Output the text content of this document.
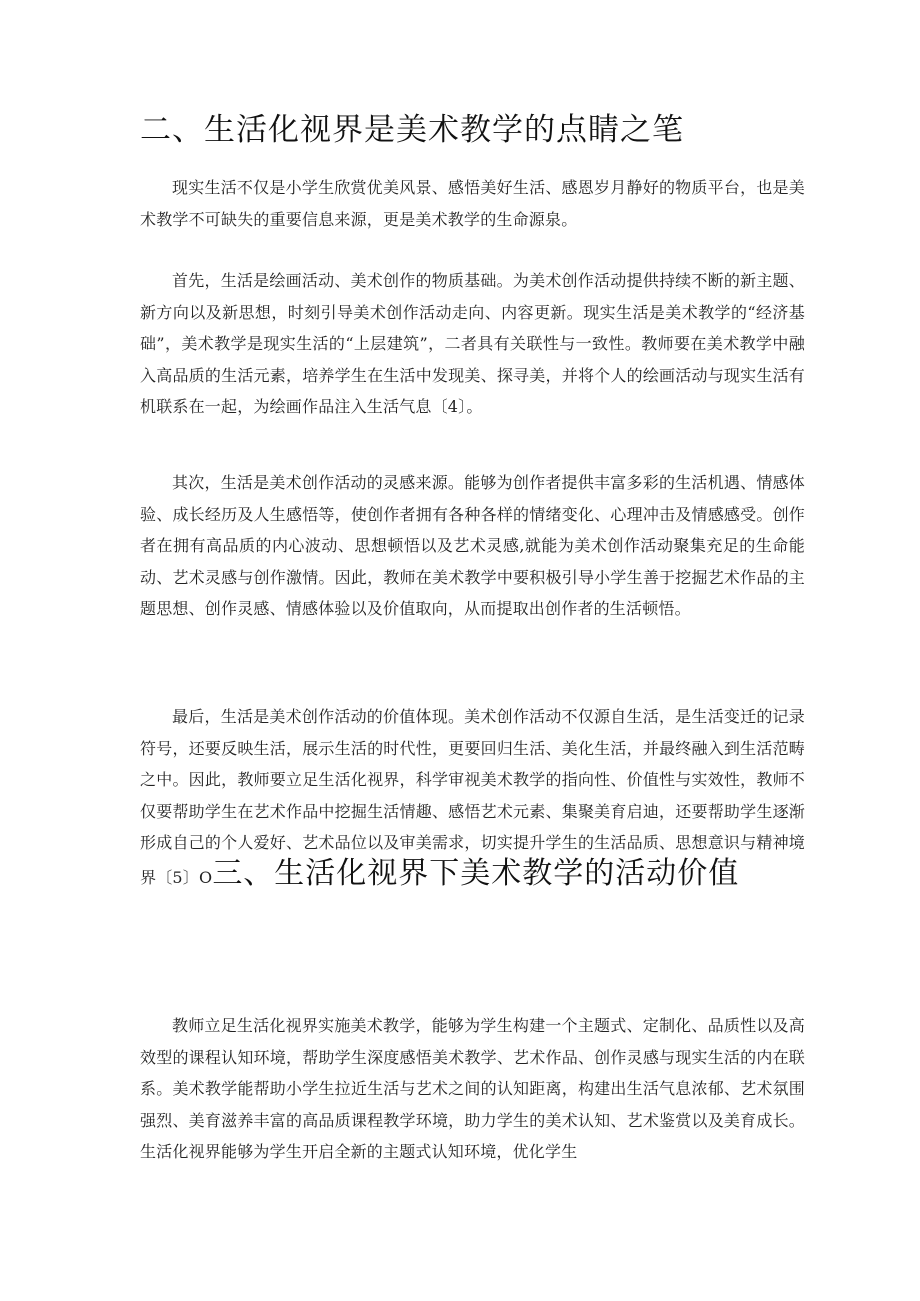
二、生活化视界是美术教学的点睛之笔

现实生活不仅是小学生欣赏优美风景、感悟美好生活、感恩岁月静好的物质平台，也是美术教学不可缺失的重要信息来源，更是美术教学的生命源泉。

首先，生活是绘画活动、美术创作的物质基础。为美术创作活动提供持续不断的新主题、新方向以及新思想，时刻引导美术创作活动走向、内容更新。现实生活是美术教学的“经济基础”，美术教学是现实生活的“上层建筑”，二者具有关联性与一致性。教师要在美术教学中融入高品质的生活元素，培养学生在生活中发现美、探寻美，并将个人的绘画活动与现实生活有机联系在一起，为绘画作品注入生活气息〔4〕。

其次，生活是美术创作活动的灵感来源。能够为创作者提供丰富多彩的生活机遇、情感体验、成长经历及人生感悟等，使创作者拥有各种各样的情绪变化、心理冲击及情感感受。创作者在拥有高品质的内心波动、思想顿悟以及艺术灵感,就能为美术创作活动聚集充足的生命能动、艺术灵感与创作激情。因此，教师在美术教学中要积极引导小学生善于挖掘艺术作品的主题思想、创作灵感、情感体验以及价值取向，从而提取出创作者的生活顿悟。

最后，生活是美术创作活动的价值体现。美术创作活动不仅源自生活，是生活变迁的记录符号，还要反映生活，展示生活的时代性，更要回归生活、美化生活，并最终融入到生活范畴之中。因此，教师要立足生活化视界，科学审视美术教学的指向性、价值性与实效性，教师不仅要帮助学生在艺术作品中挖掘生活情趣、感悟艺术元素、集聚美育启迪，还要帮助学生逐渐形成自己的个人爱好、艺术品位以及审美需求，切实提升学生的生活品质、思想意识与精神境界〔5〕O三、生活化视界下美术教学的活动价值

教师立足生活化视界实施美术教学，能够为学生构建一个主题式、定制化、品质性以及高效型的课程认知环境，帮助学生深度感悟美术教学、艺术作品、创作灵感与现实生活的内在联系。美术教学能帮助小学生拉近生活与艺术之间的认知距离，构建出生活气息浓郁、艺术氛围强烈、美育滋养丰富的高品质课程教学环境，助力学生的美术认知、艺术鉴赏以及美育成长。生活化视界能够为学生开启全新的主题式认知环境，优化学生
